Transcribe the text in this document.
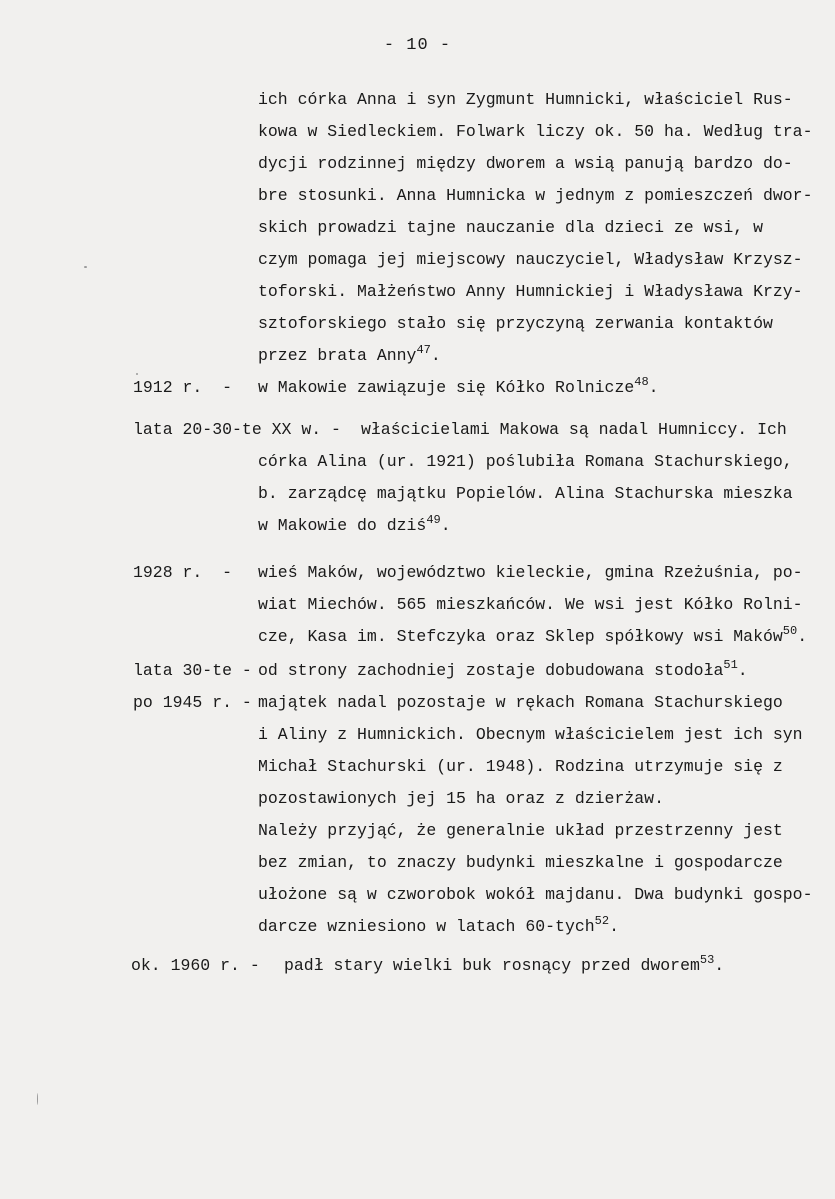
- 10 -
ich córka Anna i syn Zygmunt Humnicki, właściciel Rus-
kowa w Siedleckiem. Folwark liczy ok. 50 ha. Według tra-
dycji rodzinnej między dworem a wsią panują bardzo do-
bre stosunki. Anna Humnicka w jednym z pomieszczeń dwor-
skich prowadzi tajne nauczanie dla dzieci ze wsi, w
czym pomaga jej miejscowy nauczyciel, Władysław Krzysz-
toforski. Małżeństwo Anny Humnickiej i Władysława Krzy-
sztoforskiego stało się przyczyną zerwania kontaktów
przez brata Anny$^{47}$.
1912 r.  - w Makowie zawiązuje się Kółko Rolnicze$^{48}$.
lata 20-30-te XX w. - właścicielami Makowa są nadal Humniccy. Ich
córka Alina (ur. 1921) poślubiła Romana Stachurskiego,
b. zarządcę majątku Popielów. Alina Stachurska mieszka
w Makowie do dziś$^{49}$.
1928 r.  - wieś Maków, województwo kieleckie, gmina Rzeżuśnia, po-
wiat Miechów. 565 mieszkańców. We wsi jest Kółko Rolni-
cze, Kasa im. Stefczyka oraz Sklep spółkowy wsi Maków$^{50}$.
lata 30-te - od strony zachodniej zostaje dobudowana stodoła$^{51}$.
po 1945 r. - majątek nadal pozostaje w rękach Romana Stachurskiego
i Aliny z Humnickich. Obecnym właścicielem jest ich syn
Michał Stachurski (ur. 1948). Rodzina utrzymuje się z
pozostawionych jej 15 ha oraz z dzierżaw.
Należy przyjąć, że generalnie układ przestrzenny jest
bez zmian, to znaczy budynki mieszkalne i gospodarcze
ułożone są w czworobok wokół majdanu. Dwa budynki gospo-
darcze wzniesiono w latach 60-tych$^{52}$.
ok. 1960 r. - padł stary wielki buk rosnący przed dworem$^{53}$.
